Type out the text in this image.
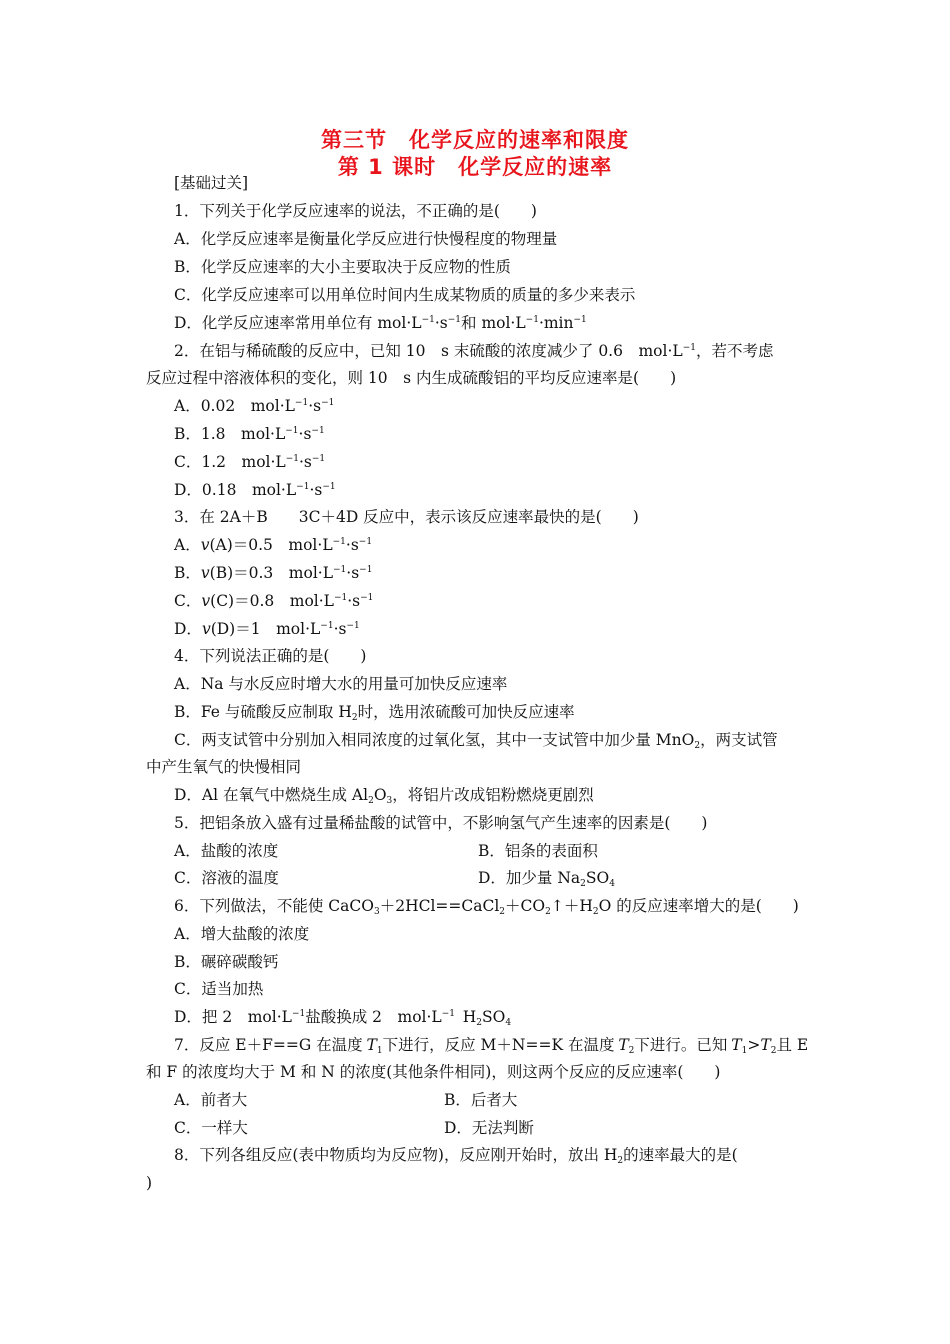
第三节　化学反应的速率和限度
第 1 课时　化学反应的速率
[基础过关]
1．下列关于化学反应速率的说法，不正确的是(　　)
A．化学反应速率是衡量化学反应进行快慢程度的物理量
B．化学反应速率的大小主要取决于反应物的性质
C．化学反应速率可以用单位时间内生成某物质的质量的多少来表示
D．化学反应速率常用单位有 $mol\cdot L^{-1}\cdot s^{-1}$和 $mol\cdot L^{-1}\cdot\min^{-1}$
2．在铝与稀硫酸的反应中，已知 10　s 末硫酸的浓度减少了 0.6　$mol\cdot L^{-1}$，若不考虑
反应过程中溶液体积的变化，则 10　s 内生成硫酸铝的平均反应速率是(　　)
A．0.02　$mol\cdot L^{-1}\cdot s^{-1}$
B．1.8　$mol\cdot L^{-1}\cdot s^{-1}$
C．1.2　$mol\cdot L^{-1}\cdot s^{-1}$
D．0.18　$mol\cdot L^{-1}\cdot s^{-1}$
3．在 2A＋B　　3C＋4D 反应中，表示该反应速率最快的是(　　)
A．v(A)＝0.5　$mol\cdot L^{-1}\cdot s^{-1}$
B．v(B)＝0.3　$mol\cdot L^{-1}\cdot s^{-1}$
C．v(C)＝0.8　$mol\cdot L^{-1}\cdot s^{-1}$
D．v(D)＝1　$mol\cdot L^{-1}\cdot s^{-1}$
4．下列说法正确的是(　　)
A．Na 与水反应时增大水的用量可加快反应速率
B．Fe 与硫酸反应制取 $H_2$时，选用浓硫酸可加快反应速率
C．两支试管中分别加入相同浓度的过氧化氢，其中一支试管中加少量 MnO$_2$，两支试管
中产生氧气的快慢相同
D．Al 在氧气中燃烧生成 $Al_2O_3$，将铝片改成铝粉燃烧更剧烈
5．把铝条放入盛有过量稀盐酸的试管中，不影响氢气产生速率的因素是(　　)
A．盐酸的浓度	B．铝条的表面积
C．溶液的温度	D．加少量 $Na_2SO_4$
6．下列做法，不能使 $CaCO_3+2HCl==CaCl_2+CO_2↑+H_2O$ 的反应速率增大的是(　　)
A．增大盐酸的浓度
B．碾碎碳酸钙
C．适当加热
D．把 2　$mol\cdot L^{-1}$盐酸换成 2　$mol\cdot L^{-1}$  $H_2SO_4$
7．反应 E＋F==G 在温度  $T_1$下进行，反应 M＋N==K 在温度  $T_2$下进行。已知  $T_1>T_2$且 E
和 F 的浓度均大于 M 和 N 的浓度(其他条件相同)，则这两个反应的反应速率(　　)
A．前者大	B．后者大
C．一样大	D．无法判断
8．下列各组反应(表中物质均为反应物)，反应刚开始时，放出 $H_2$的速率最大的是(
)
